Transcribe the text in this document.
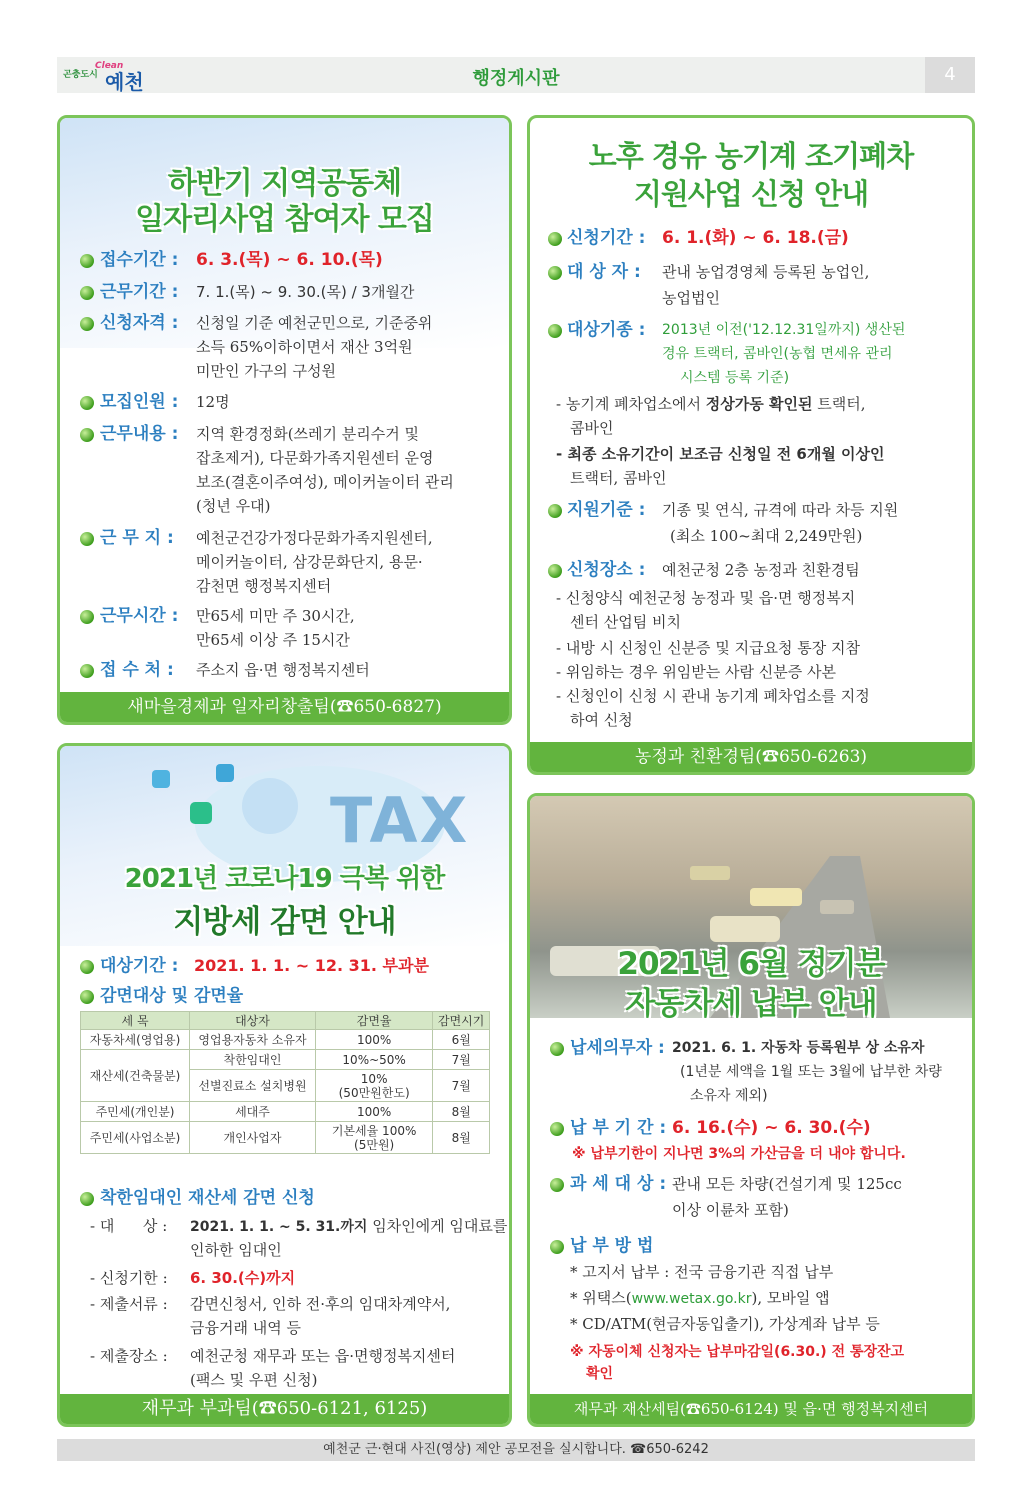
곤충도시
Clean
예천	행정게시판	4
하반기 지역공동체
일자리사업 참여자 모집
접수기간 : 6. 3.(목) ~ 6. 10.(목)
근무기간 : 7. 1.(목) ~ 9. 30.(목) / 3개월간
신청자격 : 신청일 기준 예천군민으로, 기준중위
소득 65%이하이면서 재산 3억원
미만인 가구의 구성원
모집인원 : 12명
근무내용 : 지역 환경정화(쓰레기 분리수거 및
잡초제거), 다문화가족지원센터 운영
보조(결혼이주여성), 메이커놀이터 관리
(청년 우대)
근 무 지 : 예천군건강가정다문화가족지원센터,
메이커놀이터, 삼강문화단지, 용문·
감천면 행정복지센터
근무시간 : 만65세 미만 주 30시간,
만65세 이상 주 15시간
접 수 처 : 주소지 읍·면 행정복지센터
새마을경제과 일자리창출팀(☎650-6827)
노후 경유 농기계 조기폐차
지원사업 신청 안내
신청기간 : 6. 1.(화) ~ 6. 18.(금)
대 상 자 : 관내 농업경영체 등록된 농업인,
농업법인
대상기종 : 2013년 이전('12.12.31일까지) 생산된
경유 트랙터, 콤바인(농협 면세유 관리
시스템 등록 기준)
- 농기계 폐차업소에서 정상가동 확인된 트랙터,
콤바인
- 최종 소유기간이 보조금 신청일 전 6개월 이상인
트랙터, 콤바인
지원기준 : 기종 및 연식, 규격에 따라 차등 지원
(최소 100~최대 2,249만원)
신청장소 : 예천군청 2층 농정과 친환경팀
- 신청양식 예천군청 농정과 및 읍·면 행정복지
센터 산업팀 비치
- 내방 시 신청인 신분증 및 지급요청 통장 지참
- 위임하는 경우 위임받는 사람 신분증 사본
- 신청인이 신청 시 관내 농기계 폐차업소를 지정
하여 신청
농정과 친환경팀(☎650-6263)
TAX
2021년 코로나19 극복 위한
지방세 감면 안내
대상기간 : 2021. 1. 1. ~ 12. 31. 부과분
감면대상 및 감면율
세 목	대상자	감면율	감면시기
자동차세(영업용)	영업용자동차 소유자	100%	6월
재산세(건축물분)	착한임대인	10%~50%	7월
	선별진료소 설치병원	10%
(50만원한도)	7월
주민세(개인분)	세대주	100%	8월
주민세(사업소분)	개인사업자	기본세율 100%
(5만원)	8월
착한임대인 재산세 감면 신청
- 대      상 : 2021. 1. 1. ~ 5. 31.까지 임차인에게 임대료를
인하한 임대인
- 신청기한 : 6. 30.(수)까지
- 제출서류 : 감면신청서, 인하 전·후의 임대차계약서,
금융거래 내역 등
- 제출장소 : 예천군청 재무과 또는 읍·면행정복지센터
(팩스 및 우편 신청)
재무과 부과팀(☎650-6121, 6125)
2021년 6월 정기분
자동차세 납부 안내
납세의무자 : 2021. 6. 1. 자동차 등록원부 상 소유자
(1년분 세액을 1월 또는 3월에 납부한 차량
소유자 제외)
납 부 기 간 : 6. 16.(수) ~ 6. 30.(수)
※ 납부기한이 지나면 3%의 가산금을 더 내야 합니다.
과 세 대 상 : 관내 모든 차량(건설기계 및 125cc
이상 이륜차 포함)
납 부 방 법
* 고지서 납부 : 전국 금융기관 직접 납부
* 위택스(www.wetax.go.kr), 모바일 앱
* CD/ATM(현금자동입출기), 가상계좌 납부 등
※ 자동이체 신청자는 납부마감일(6.30.) 전 통장잔고
확인
재무과 재산세팀(☎650-6124) 및 읍·면 행정복지센터
예천군 근·현대 사진(영상) 제안 공모전을 실시합니다. ☎650-6242
